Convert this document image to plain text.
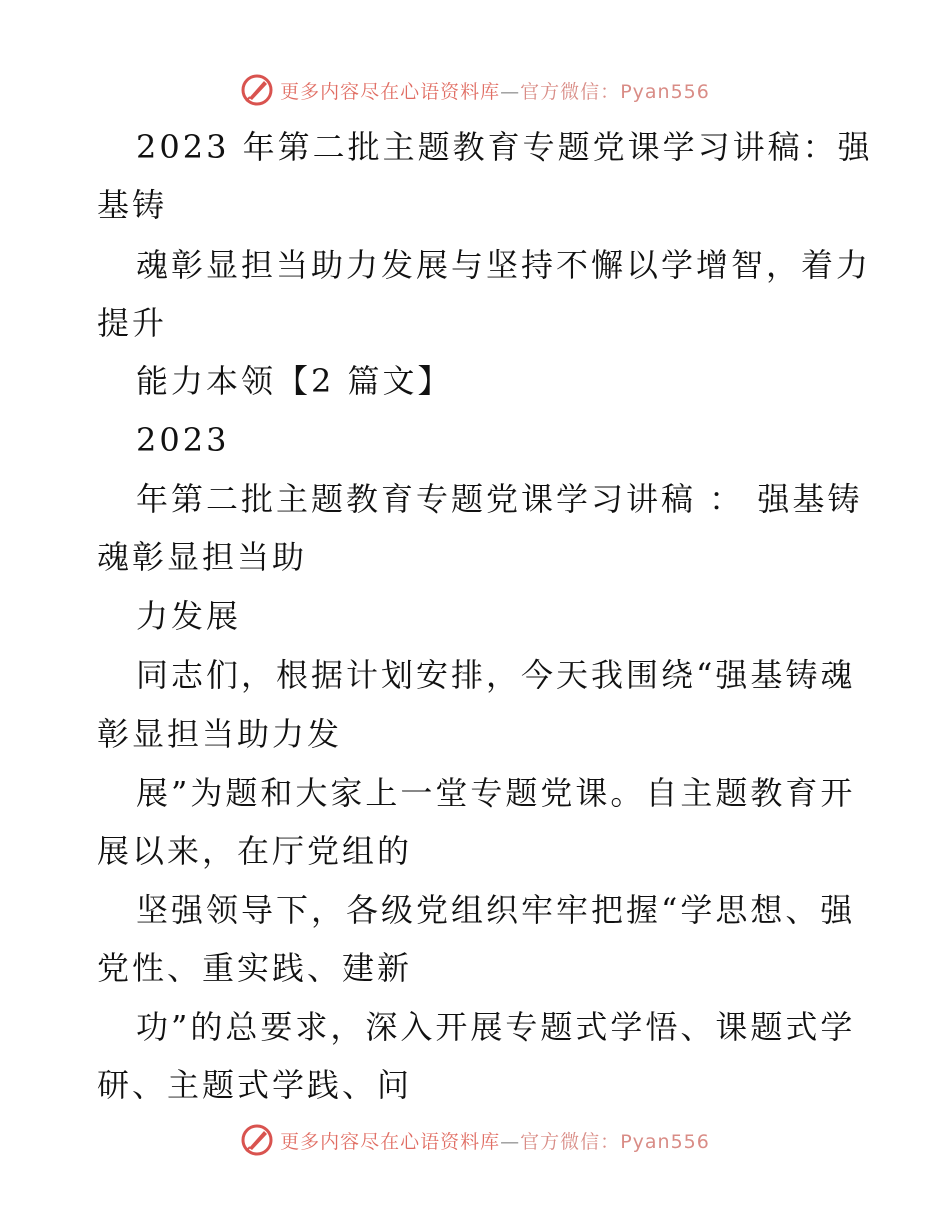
更多内容尽在心语资料库—官方微信：Pyan556
2023 年第二批主题教育专题党课学习讲稿：强
基铸
魂彰显担当助力发展与坚持不懈以学增智，着力
提升
能力本领【2 篇文】
2023
年第二批主题教育专题党课学习讲稿 ： 强基铸
魂彰显担当助
力发展
同志们，根据计划安排，今天我围绕“强基铸魂
彰显担当助力发
展”为题和大家上一堂专题党课。自主题教育开
展以来，在厅党组的
坚强领导下，各级党组织牢牢把握“学思想、强
党性、重实践、建新
功”的总要求，深入开展专题式学悟、课题式学
研、主题式学践、问
更多内容尽在心语资料库—官方微信：Pyan556
